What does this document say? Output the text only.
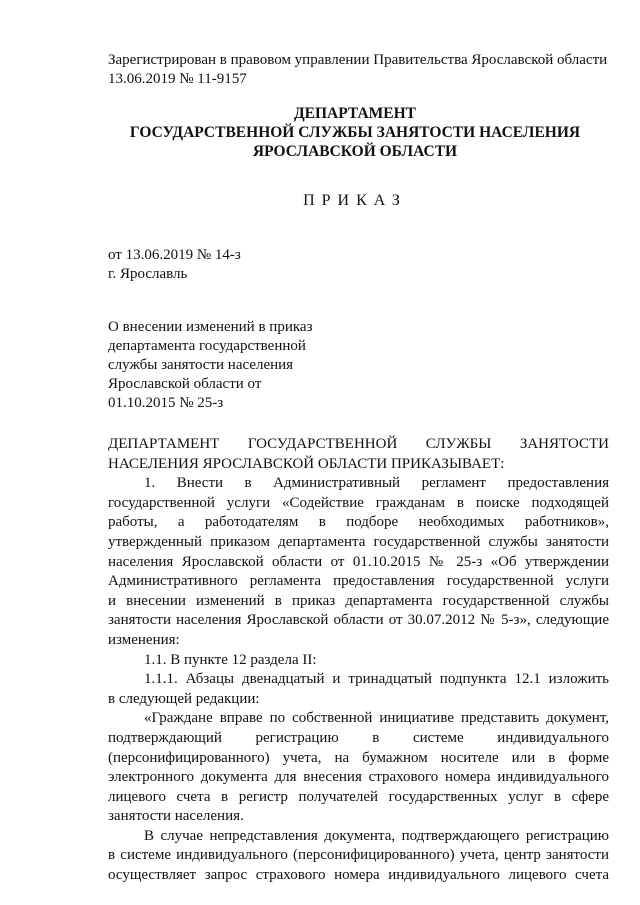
Зарегистрирован в правовом управлении Правительства Ярославской области
13.06.2019 № 11-9157
ДЕПАРТАМЕНТ
ГОСУДАРСТВЕННОЙ СЛУЖБЫ ЗАНЯТОСТИ НАСЕЛЕНИЯ
ЯРОСЛАВСКОЙ ОБЛАСТИ
ПРИКАЗ
от 13.06.2019 № 14-з
г. Ярославль
О внесении изменений в приказ
департамента государственной
службы занятости населения
Ярославской области от
01.10.2015 № 25-з
ДЕПАРТАМЕНТ ГОСУДАРСТВЕННОЙ СЛУЖБЫ ЗАНЯТОСТИ
НАСЕЛЕНИЯ ЯРОСЛАВСКОЙ ОБЛАСТИ ПРИКАЗЫВАЕТ:
1. Внести в Административный регламент предоставления
государственной услуги «Содействие гражданам в поиске подходящей
работы, а работодателям в подборе необходимых работников»,
утвержденный приказом департамента государственной службы занятости
населения Ярославской области от 01.10.2015 № 25-з «Об утверждении
Административного регламента предоставления государственной услуги
и внесении изменений в приказ департамента государственной службы
занятости населения Ярославской области от 30.07.2012 № 5-з», следующие
изменения:
1.1. В пункте 12 раздела II:
1.1.1. Абзацы двенадцатый и тринадцатый подпункта 12.1 изложить
в следующей редакции:
«Граждане вправе по собственной инициативе представить документ,
подтверждающий регистрацию в системе индивидуального
(персонифицированного) учета, на бумажном носителе или в форме
электронного документа для внесения страхового номера индивидуального
лицевого счета в регистр получателей государственных услуг в сфере
занятости населения.
В случае непредставления документа, подтверждающего регистрацию
в системе индивидуального (персонифицированного) учета, центр занятости
осуществляет запрос страхового номера индивидуального лицевого счета
